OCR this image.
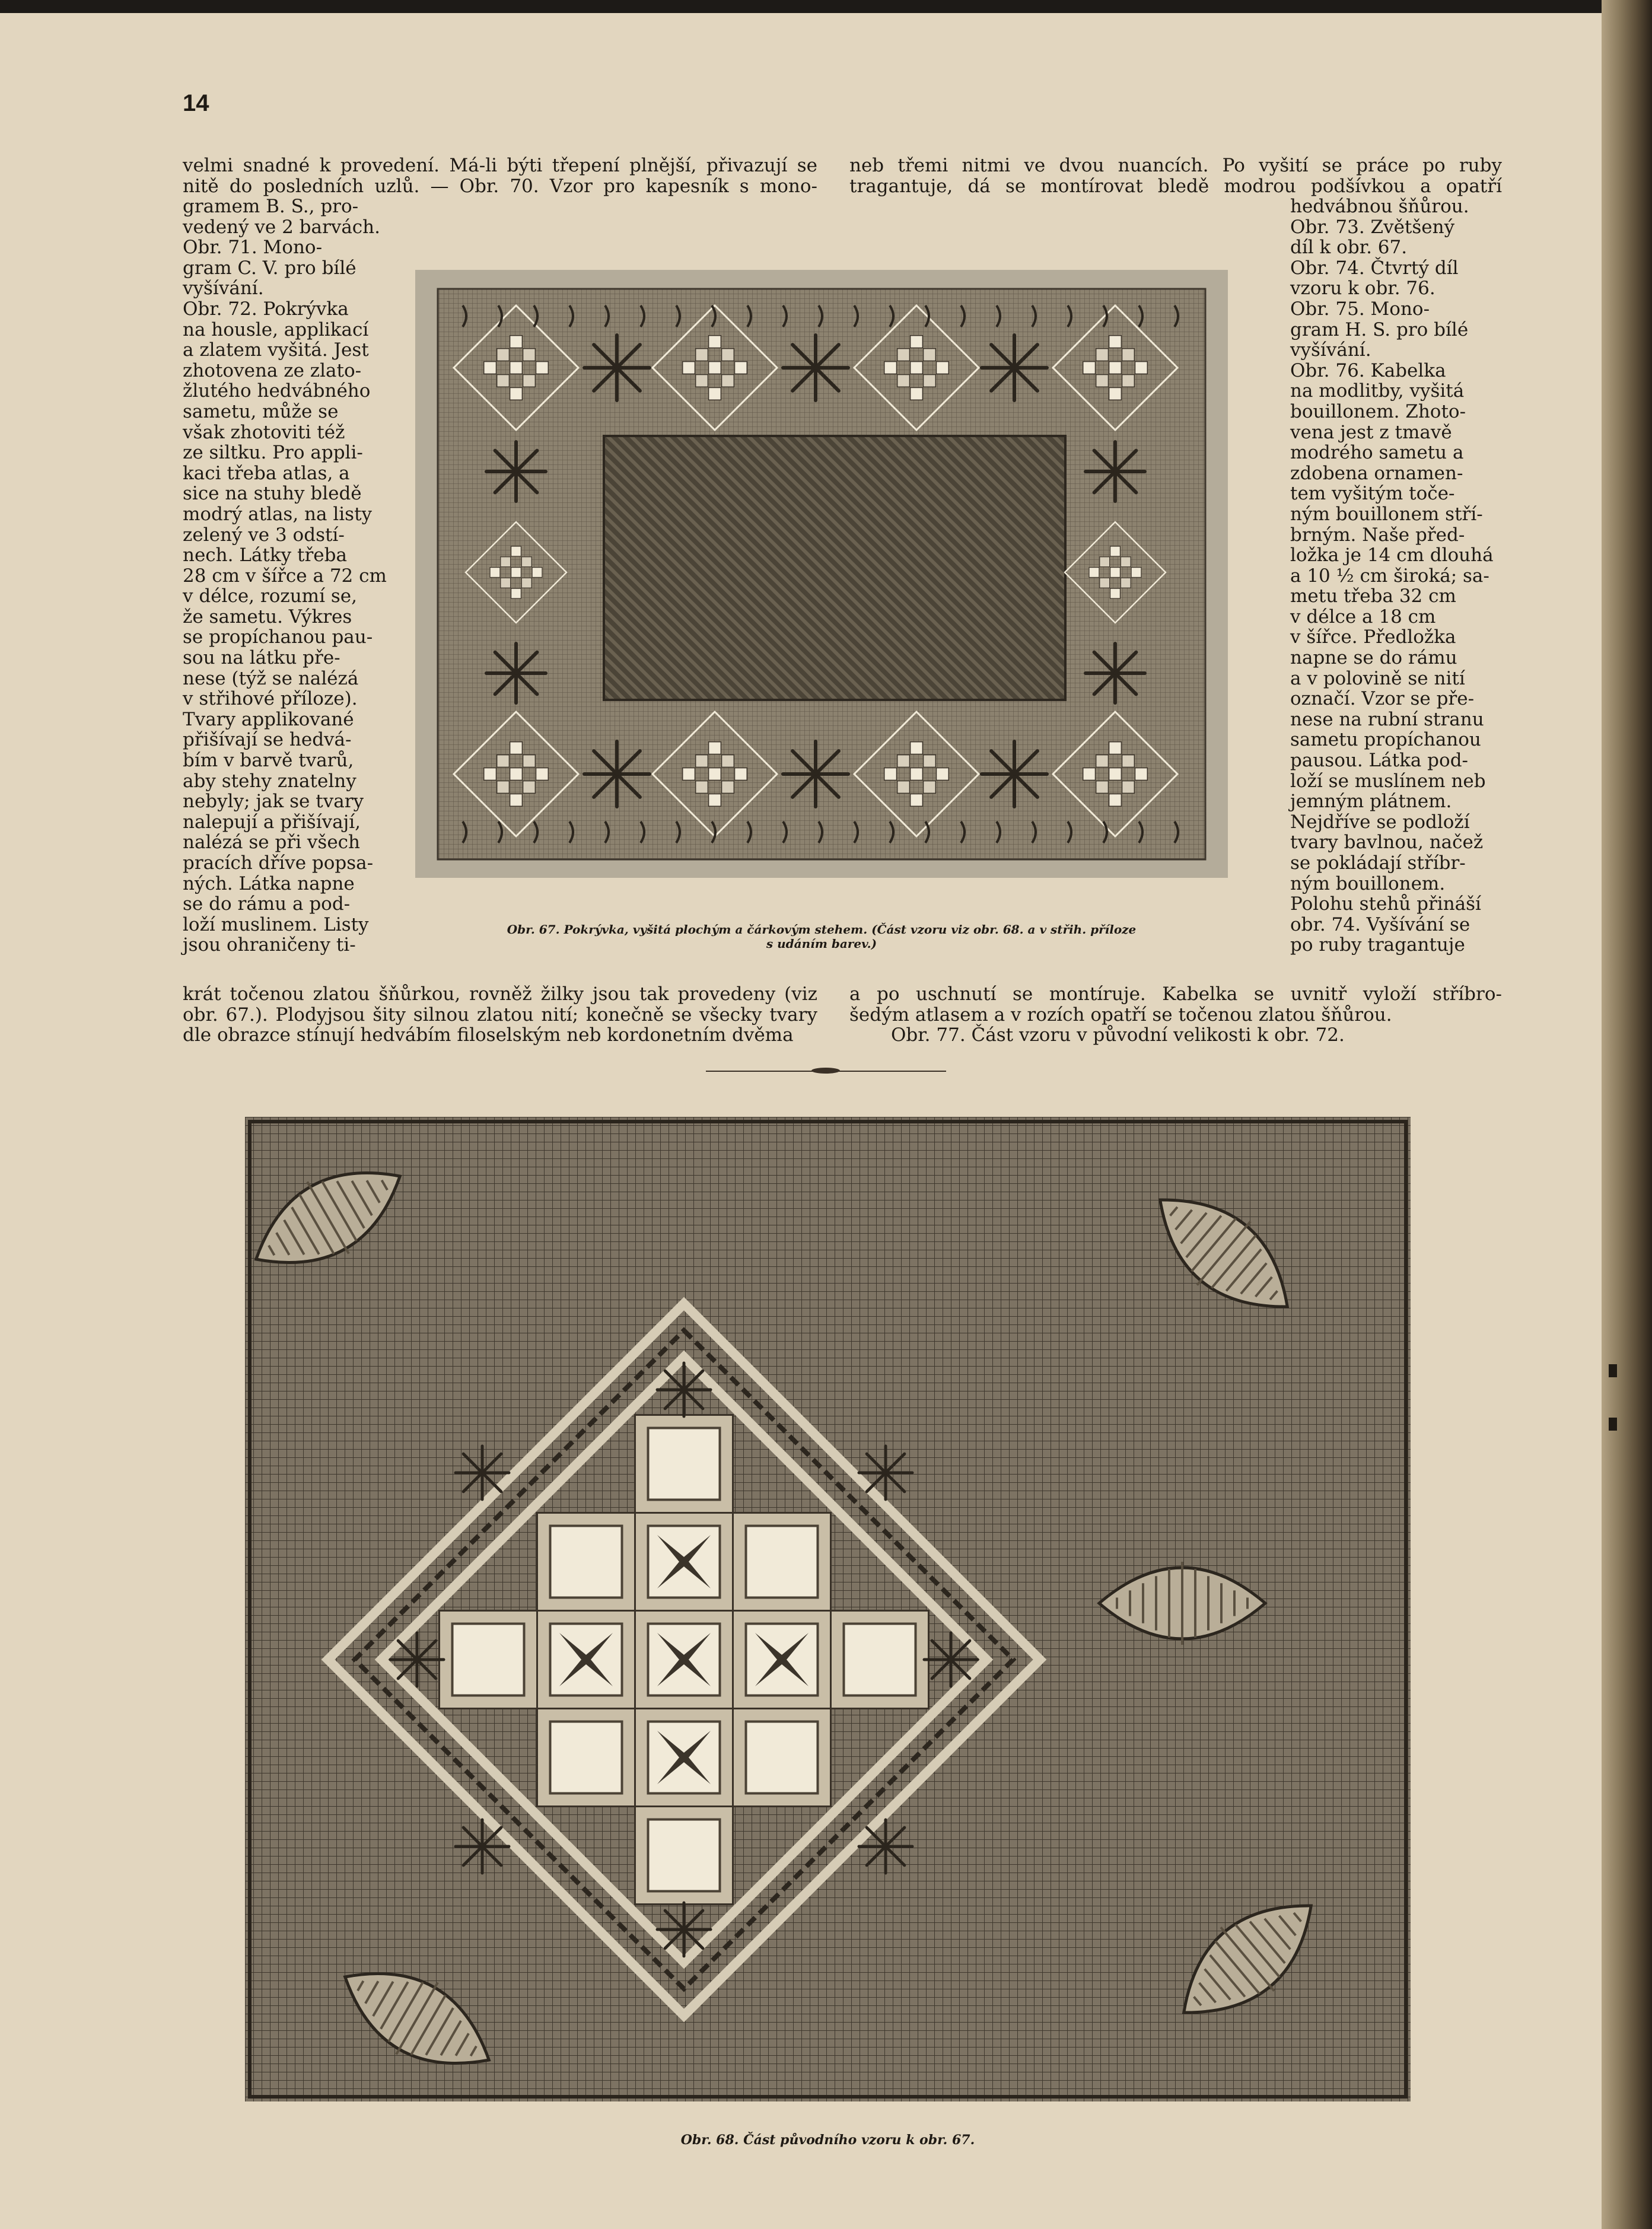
14
velmi snadné k provedení. Má-li býti třepení plnější, přivazují se
nitě do posledních uzlů. — Obr. 70. Vzor pro kapesník s mono-
neb třemi nitmi ve dvou nuancích. Po vyšití se práce po ruby
tragantuje, dá se montírovat bledě modrou podšívkou a opatří
gramem B. S., pro-
vedený ve 2 barvách.
Obr. 71. Mono-
gram C. V. pro bílé
vyšívání.
Obr. 72. Pokrývka
na housle, applikací
a zlatem vyšitá. Jest
zhotovena ze zlato-
žlutého hedvábného
sametu, může se
však zhotoviti též
ze siltku. Pro appli-
kaci třeba atlas, a
sice na stuhy bledě
modrý atlas, na listy
zelený ve 3 odstí-
nech. Látky třeba
28 cm v šířce a 72 cm
v délce, rozumí se,
že sametu. Výkres
se propíchanou pau-
sou na látku pře-
nese (týž se nalézá
v střihové příloze).
Tvary applikované
přišívají se hedvá-
bím v barvě tvarů,
aby stehy znatelny
nebyly; jak se tvary
nalepují a přišívají,
nalézá se při všech
pracích dříve popsa-
ných. Látka napne
se do rámu a pod-
loží muslinem. Listy
jsou ohraničeny ti-
hedvábnou šňůrou.
Obr. 73. Zvětšený
díl k obr. 67.
Obr. 74. Čtvrtý díl
vzoru k obr. 76.
Obr. 75. Mono-
gram H. S. pro bílé
vyšívání.
Obr. 76. Kabelka
na modlitby, vyšitá
bouillonem. Zhoto-
vena jest z tmavě
modrého sametu a
zdobena ornamen-
tem vyšitým toče-
ným bouillonem stří-
brným. Naše před-
ložka je 14 cm dlouhá
a 10 ½ cm široká; sa-
metu třeba 32 cm
v délce a 18 cm
v šířce. Předložka
napne se do rámu
a v polovině se nití
označí. Vzor se pře-
nese na rubní stranu
sametu propíchanou
pausou. Látka pod-
loží se muslínem neb
jemným plátnem.
Nejdříve se podloží
tvary bavlnou, načež
se pokládají stříbr-
ným bouillonem.
Polohu stehů přináší
obr. 74. Vyšívání se
po ruby tragantuje
krát točenou zlatou šňůrkou, rovněž žilky jsou tak provedeny (viz
obr. 67.). Plodyjsou šity silnou zlatou nití; konečně se všecky tvary
dle obrazce stínují hedvábím filoselským neb kordonetním dvěma
a po uschnutí se montíruje. Kabelka se uvnitř vyloží stříbro-
šedým atlasem a v rozích opatří se točenou zlatou šňůrou.
Obr. 77. Část vzoru v původní velikosti k obr. 72.
Obr. 67. Pokrývka, vyšitá plochým a čárkovým stehem. (Část vzoru viz obr. 68. a v střih. příloze
s udáním barev.)
Obr. 68. Část původního vzoru k obr. 67.
